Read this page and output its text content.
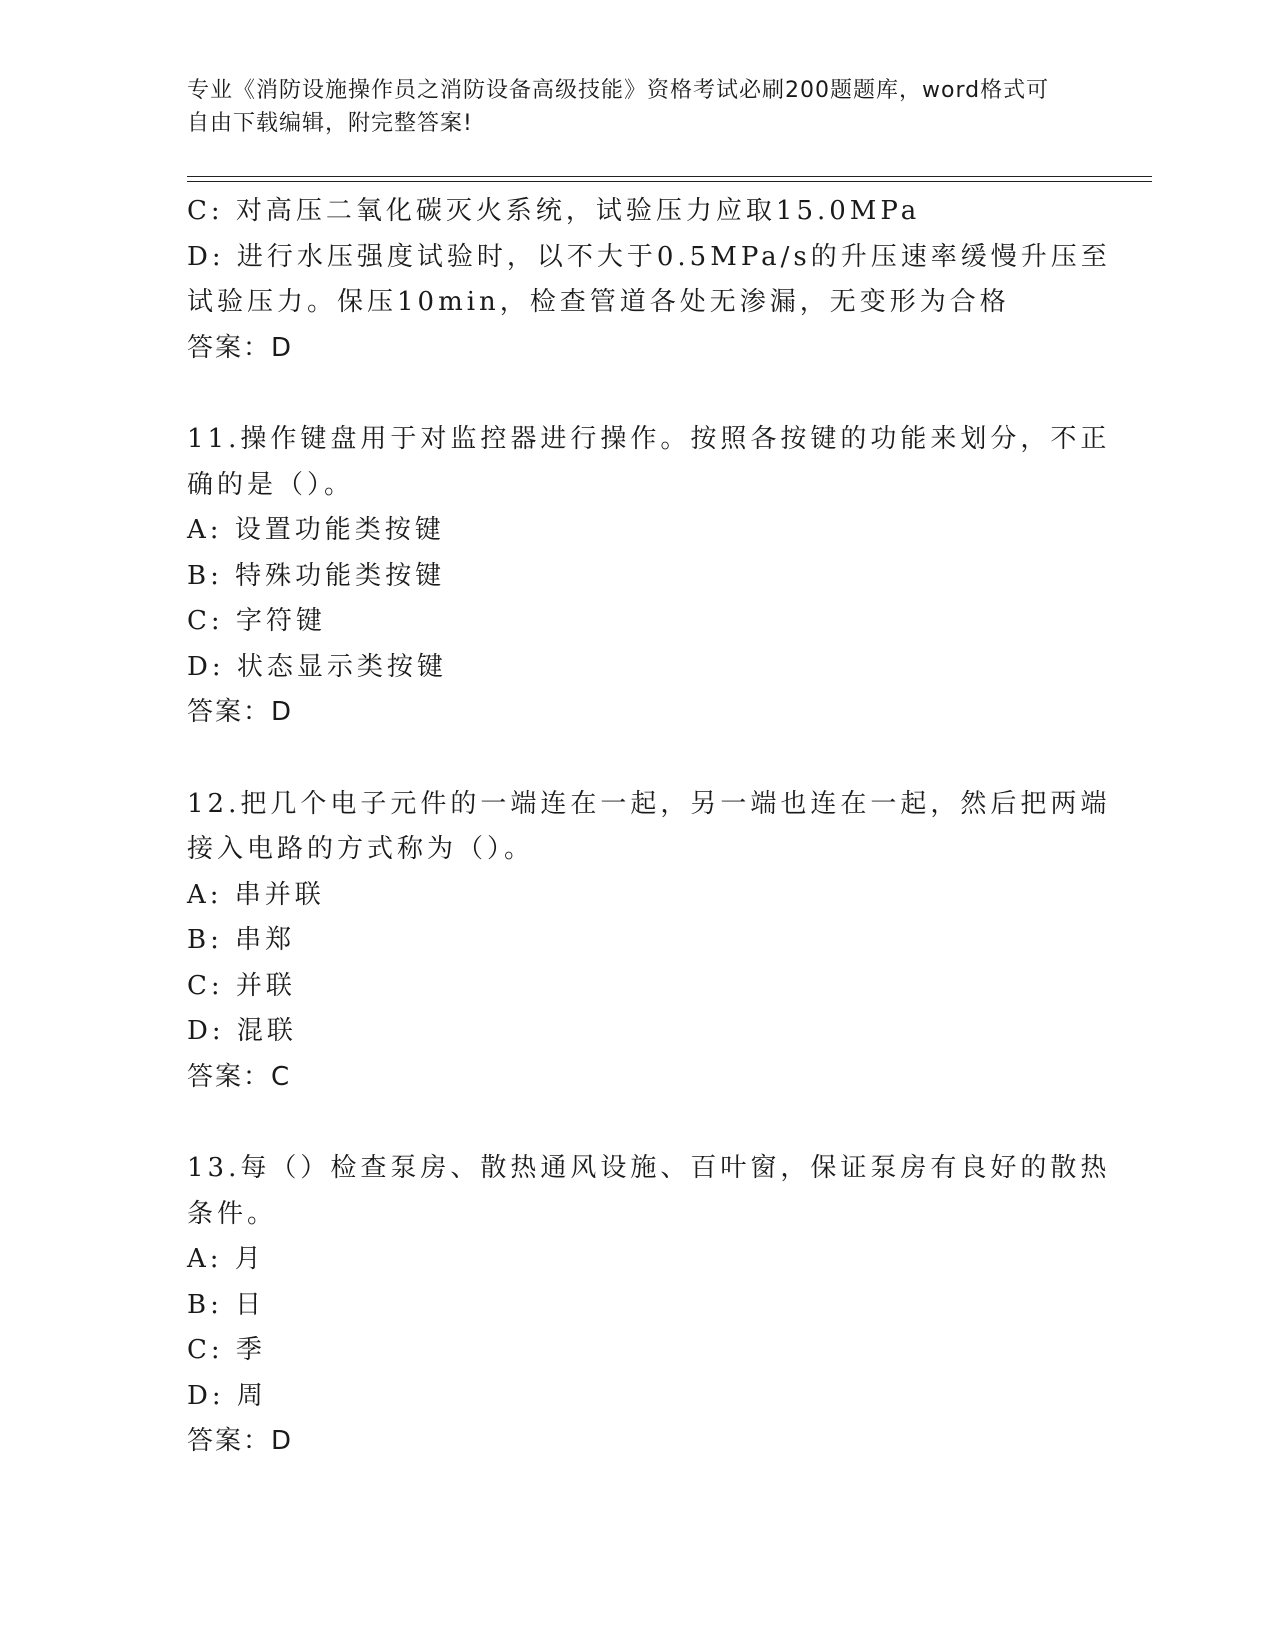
专业《消防设施操作员之消防设备高级技能》资格考试必刷200题题库，word格式可自由下载编辑，附完整答案!
C: 对高压二氧化碳灭火系统，试验压力应取15.0MPa
D: 进行水压强度试验时，以不大于0.5MPa/s的升压速率缓慢升压至
试验压力。保压10min，检查管道各处无渗漏，无变形为合格
答案：D
11.操作键盘用于对监控器进行操作。按照各按键的功能来划分，不正
确的是（）。
A: 设置功能类按键
B: 特殊功能类按键
C: 字符键
D: 状态显示类按键
答案：D
12.把几个电子元件的一端连在一起，另一端也连在一起，然后把两端
接入电路的方式称为（）。
A: 串并联
B: 串郑
C: 并联
D: 混联
答案：C
13.每（）检查泵房、散热通风设施、百叶窗，保证泵房有良好的散热
条件。
A: 月
B: 日
C: 季
D: 周
答案：D
